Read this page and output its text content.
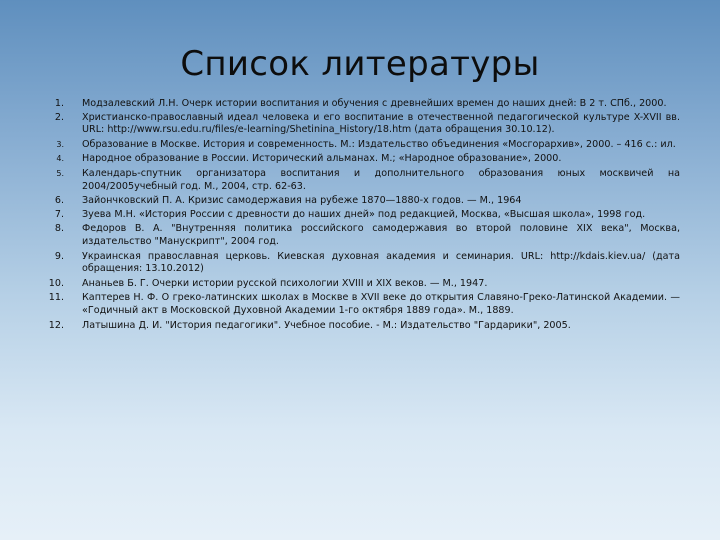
Список литературы
1. Модзалевский Л.Н. Очерк истории воспитания и обучения с древнейших времен до наших дней: В 2 т. СПб., 2000.
2. Христианско-православный идеал человека и его воспитание в отечественной педагогической культуре X-XVII вв. URL: http://www.rsu.edu.ru/files/e-learning/Shetinina_History/18.htm (дата обращения 30.10.12).
3. Образование в Москве. История и современность. М.: Издательство объединения «Мосгорархив», 2000. – 416 с.: ил.
4. Народное образование в России. Исторический альманах. М.; «Народное образование», 2000.
5. Календарь-спутник организатора воспитания и дополнительного образования юных москвичей на 2004/2005учебный год. М., 2004, стр. 62-63.
6. Зайончковский П. А. Кризис самодержавия на рубеже 1870—1880-х годов. — М., 1964
7. Зуева М.Н. «История России с древности до наших дней» под редакцией, Москва, «Высшая школа», 1998 год.
8. Федоров В. А. "Внутренняя политика российского самодержавия во второй половине XIX века", Москва, издательство "Манускрипт", 2004 год.
9. Украинская православная церковь. Киевская духовная академия и семинария. URL: http://kdais.kiev.ua/ (дата обращения: 13.10.2012)
10. Ананьев Б. Г. Очерки истории русской психологии XVIII и XIX веков. — М., 1947.
11. Каптерев Н. Ф. О греко-латинских школах в Москве в XVII веке до открытия Славяно-Греко-Латинской Академии. — «Годичный акт в Московской Духовной Академии 1-го октября 1889 года». М., 1889.
12. Латышина Д. И. "История педагогики". Учебное пособие. - М.: Издательство "Гардарики", 2005.
